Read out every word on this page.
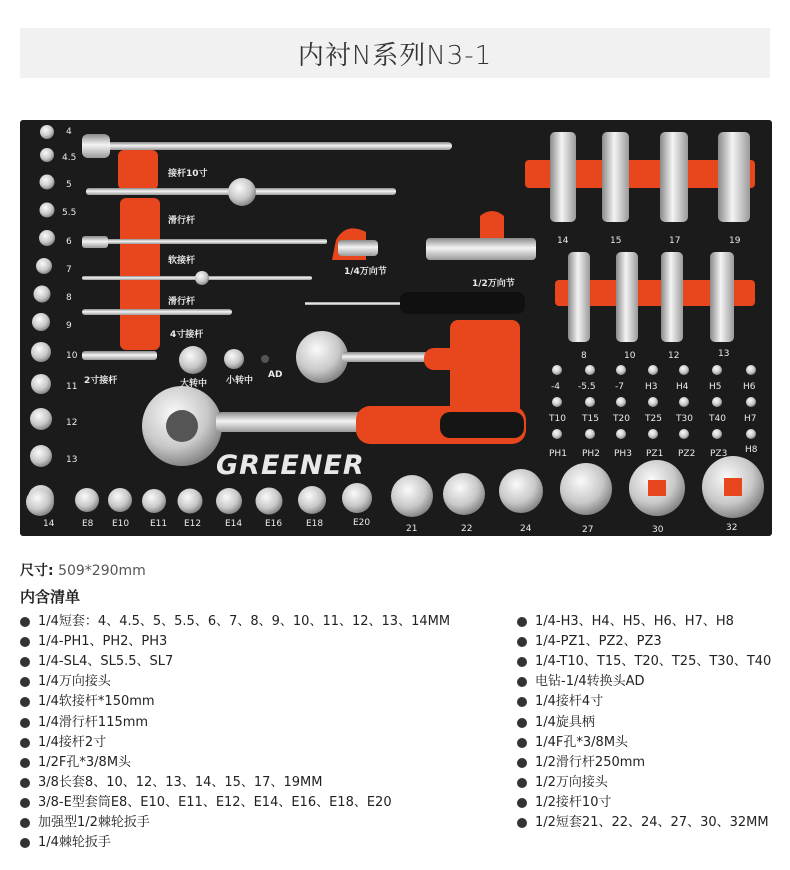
内衬N系列N3-1
4
4.5
5
5.5
6
7
8
9
10
11
12
13
接杆10寸
滑行杆
软接杆
滑行杆
4寸接杆
2寸接杆	大转中 小转中
AD
1/4万向节
1/2万向节
14	15	17	19
8	10	12	13
-4 -5.5 -7 H3 H4 H5 H6
T10 T15 T20 T25 T30 T40 H7
PH1 PH2 PH3 PZ1 PZ2 PZ3 H8
GREENER
14	E8 E10 E11 E12	E14	E16	E18	E20
21	22	24	27	30	32
尺寸: 509*290mm
内含清单
1/4短套：4、4.5、5、5.5、6、7、8、9、10、11、12、13、14MM
1/4-PH1、PH2、PH3
1/4-SL4、SL5.5、SL7
1/4万向接头
1/4软接杆*150mm
1/4滑行杆115mm
1/4接杆2寸
1/2F孔*3/8M头
3/8长套8、10、12、13、14、15、17、19MM
3/8-E型套筒E8、E10、E11、E12、E14、E16、E18、E20
加强型1/2棘轮扳手
1/4棘轮扳手
1/4-H3、H4、H5、H6、H7、H8
1/4-PZ1、PZ2、PZ3
1/4-T10、T15、T20、T25、T30、T40
电钻-1/4转换头AD
1/4接杆4寸
1/4旋具柄
1/4F孔*3/8M头
1/2滑行杆250mm
1/2万向接头
1/2接杆10寸
1/2短套21、22、24、27、30、32MM
